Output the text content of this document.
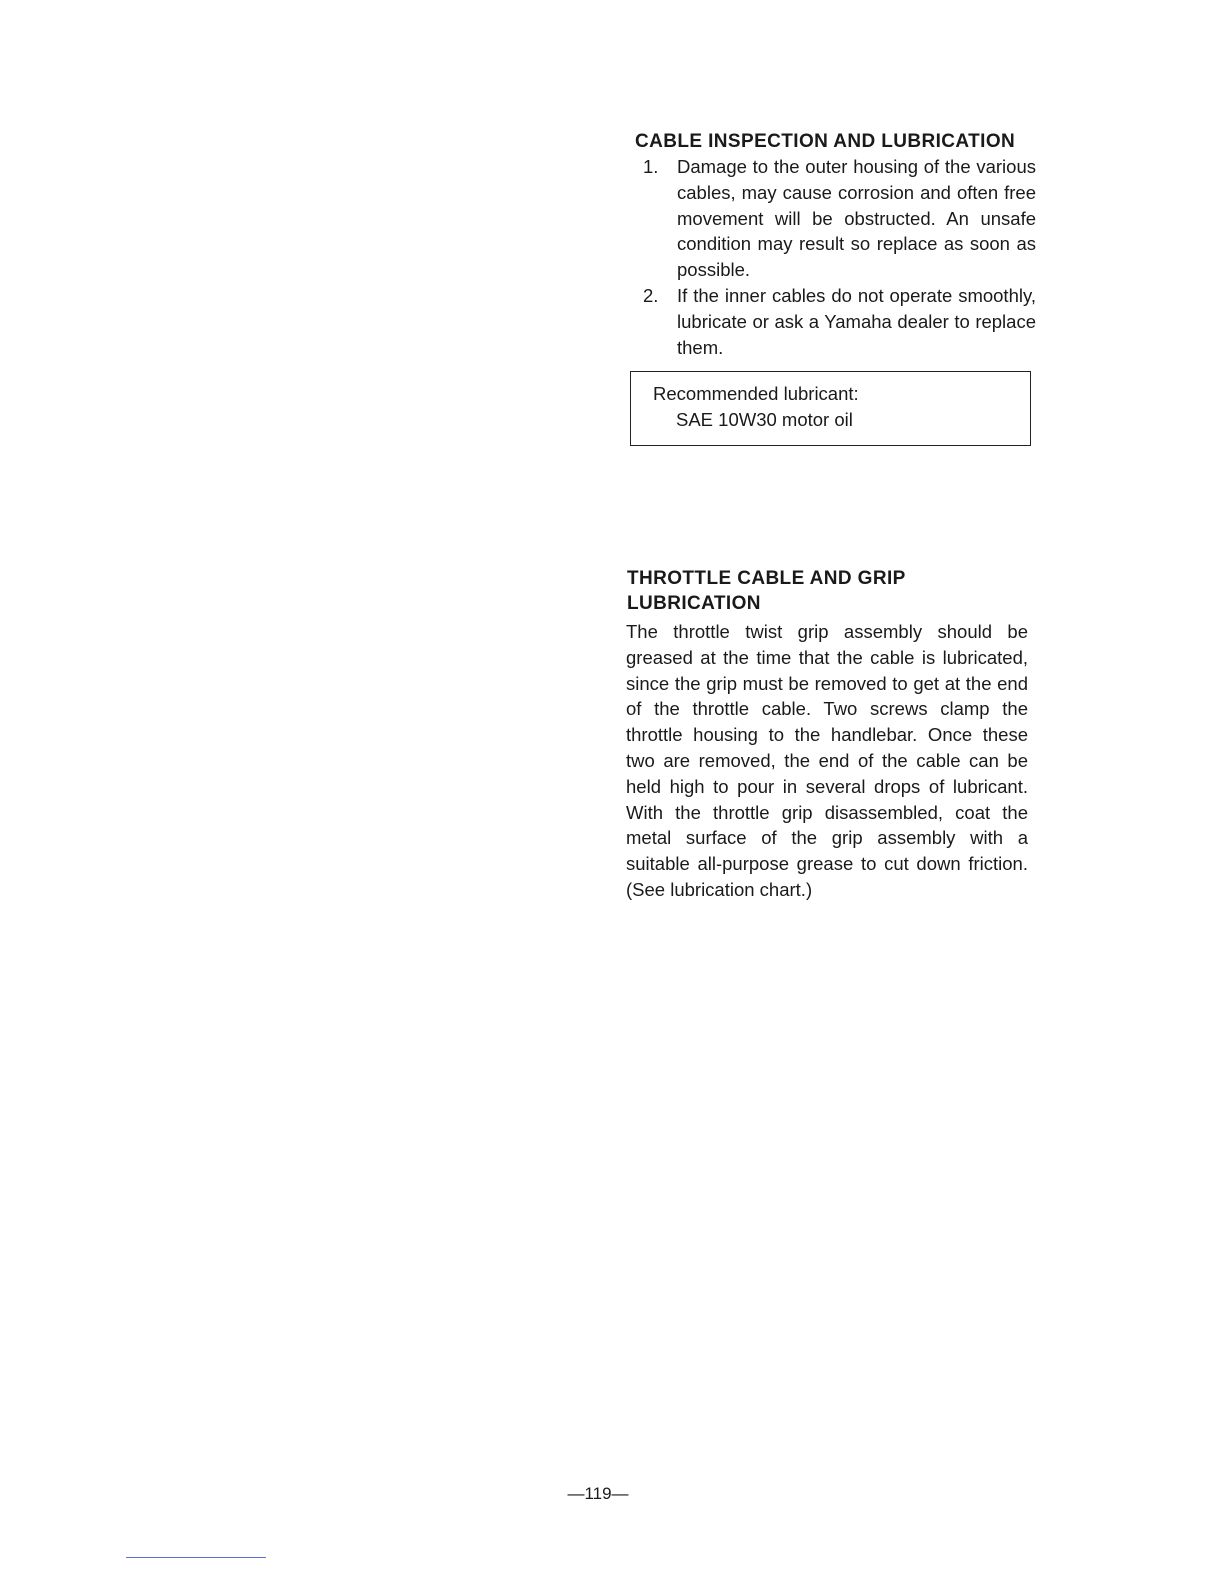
CABLE INSPECTION AND LUBRICATION
1. Damage to the outer housing of the various cables, may cause corrosion and often free movement will be obstructed. An unsafe condition may result so replace as soon as possible.
2. If the inner cables do not operate smoothly, lubricate or ask a Yamaha dealer to replace them.
Recommended lubricant:
SAE 10W30 motor oil
THROTTLE CABLE AND GRIP
LUBRICATION

The throttle twist grip assembly should be greased at the time that the cable is lubricated, since the grip must be removed to get at the end of the throttle cable. Two screws clamp the throttle housing to the handlebar. Once these two are removed, the end of the cable can be held high to pour in several drops of lubricant. With the throttle grip disassembled, coat the metal surface of the grip assembly with a suitable all-purpose grease to cut down friction. (See lubrication chart.)

—119—
